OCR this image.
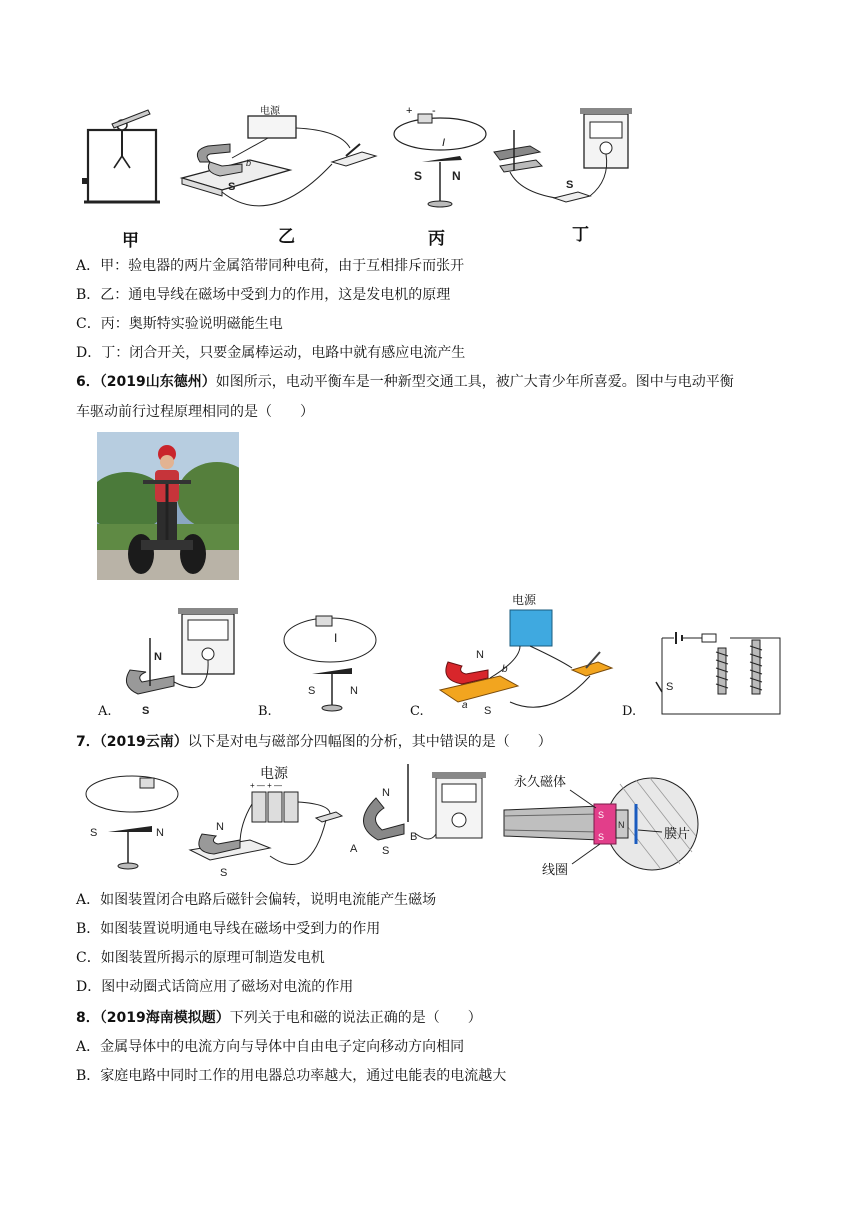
电源
S
b
+ -
I
S N
S
甲	乙	丙	丁
A．甲：验电器的两片金属箔带同种电荷，由于互相排斥而张开
B．乙：通电导线在磁场中受到力的作用，这是发电机的原理
C．丙：奥斯特实验说明磁能生电
D．丁：闭合开关，只要金属棒运动，电路中就有感应电流产生
6．（2019山东德州）如图所示，电动平衡车是一种新型交通工具，被广大青少年所喜爱。图中与电动平衡
车驱动前行过程原理相同的是（　　）
N
S
I
S	N
电源
N
S
a
b
S
A.	B.	C.	D.
7．（2019云南）以下是对电与磁部分四幅图的分析，其中错误的是（　　）
S	N
电源
+ — + —
N
S
N
S
A
B
S
S
N
永久磁体
线圈
膜片
A．如图装置闭合电路后磁针会偏转，说明电流能产生磁场
B．如图装置说明通电导线在磁场中受到力的作用
C．如图装置所揭示的原理可制造发电机
D．图中动圈式话筒应用了磁场对电流的作用
8．（2019海南模拟题）下列关于电和磁的说法正确的是（　　）
A．金属导体中的电流方向与导体中自由电子定向移动方向相同
B．家庭电路中同时工作的用电器总功率越大，通过电能表的电流越大
